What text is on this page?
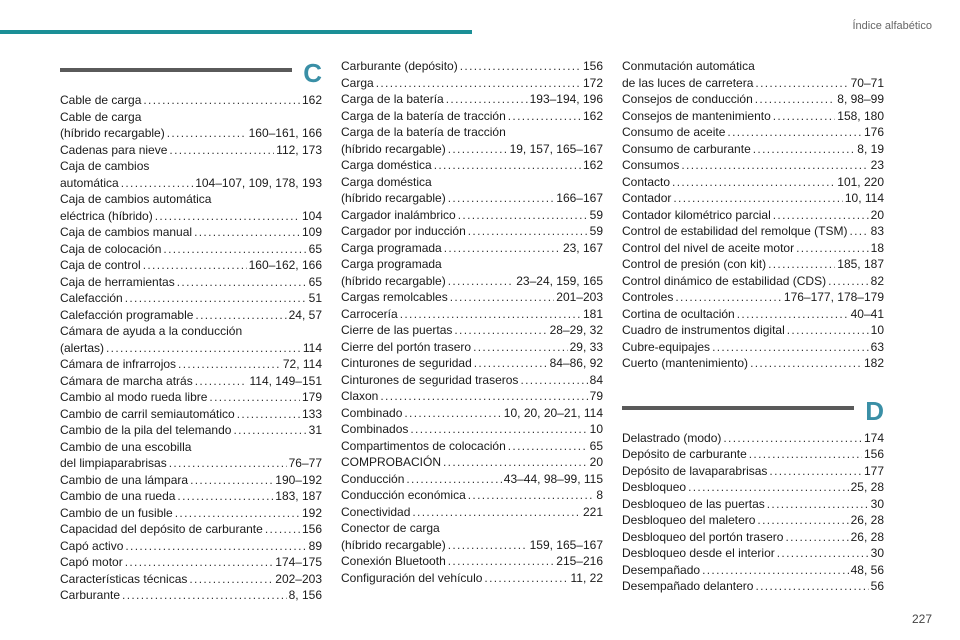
Índice alfabético
C
Cable de carga . . .	162
Cable de carga
(híbrido recargable) . . .	160–161, 166
Cadenas para nieve . . .	112, 173
Caja de cambios
automática . . .	104–107, 109, 178, 193
Caja de cambios automática
eléctrica (híbrido) . . .	104
Caja de cambios manual . . .	109
Caja de colocación . . .	65
Caja de control . . .	160–162, 166
Caja de herramientas . . .	65
Calefacción . . .	51
Calefacción programable . . .	24, 57
Cámara de ayuda a la conducción
(alertas) . . .	114
Cámara de infrarrojos . . .	72, 114
Cámara de marcha atrás . . .	114, 149–151
Cambio al modo rueda libre . . .	179
Cambio de carril semiautomático . . .	133
Cambio de la pila del telemando . . .	31
Cambio de una escobilla
del limpiaparabrisas . . .	76–77
Cambio de una lámpara . . .	190–192
Cambio de una rueda . . .	183, 187
Cambio de un fusible . . .	192
Capacidad del depósito de carburante . . .	156
Capó activo . . .	89
Capó motor . . .	174–175
Características técnicas . . .	202–203
Carburante . . .	8, 156
Carburante (depósito) . . .	156
Carga . . .	172
Carga de la batería . . .	193–194, 196
Carga de la batería de tracción . . .	162
Carga de la batería de tracción
(híbrido recargable) . . .	19, 157, 165–167
Carga doméstica . . .	162
Carga doméstica
(híbrido recargable) . . .	166–167
Cargador inalámbrico . . .	59
Cargador por inducción . . .	59
Carga programada . . .	23, 167
Carga programada
(híbrido recargable) . . .	23–24, 159, 165
Cargas remolcables . . .	201–203
Carrocería . . .	181
Cierre de las puertas . . .	28–29, 32
Cierre del portón trasero . . .	29, 33
Cinturones de seguridad . . .	84–86, 92
Cinturones de seguridad traseros . . .	84
Claxon . . .	79
Combinado . . .	10, 20, 20–21, 114
Combinados . . .	10
Compartimentos de colocación . . .	65
COMPROBACIÓN . . .	20
Conducción . . .	43–44, 98–99, 115
Conducción económica . . .	8
Conectividad . . .	221
Conector de carga
(híbrido recargable) . . .	159, 165–167
Conexión Bluetooth . . .	215–216
Configuración del vehículo . . .	11, 22
Conmutación automática
de las luces de carretera . . .	70–71
Consejos de conducción . . .	8, 98–99
Consejos de mantenimiento . . .	158, 180
Consumo de aceite . . .	176
Consumo de carburante . . .	8, 19
Consumos . . .	23
Contacto . . .	101, 220
Contador . . .	10, 114
Contador kilométrico parcial . . .	20
Control de estabilidad del remolque (TSM) . . . 83
Control del nivel de aceite motor . . .	18
Control de presión (con kit) . . .	185, 187
Control dinámico de estabilidad (CDS) . . .	82
Controles . . .	176–177, 178–179
Cortina de ocultación . . .	40–41
Cuadro de instrumentos digital . . .	10
Cubre-equipajes . . .	63
Cuerto (mantenimiento) . . .	182
D
Delastrado (modo) . . .	174
Depósito de carburante . . .	156
Depósito de lavaparabrisas . . .	177
Desbloqueo . . .	25, 28
Desbloqueo de las puertas . . .	30
Desbloqueo del maletero . . .	26, 28
Desbloqueo del portón trasero . . .	26, 28
Desbloqueo desde el interior . . .	30
Desempañado . . .	48, 56
Desempañado delantero . . .	56
227
